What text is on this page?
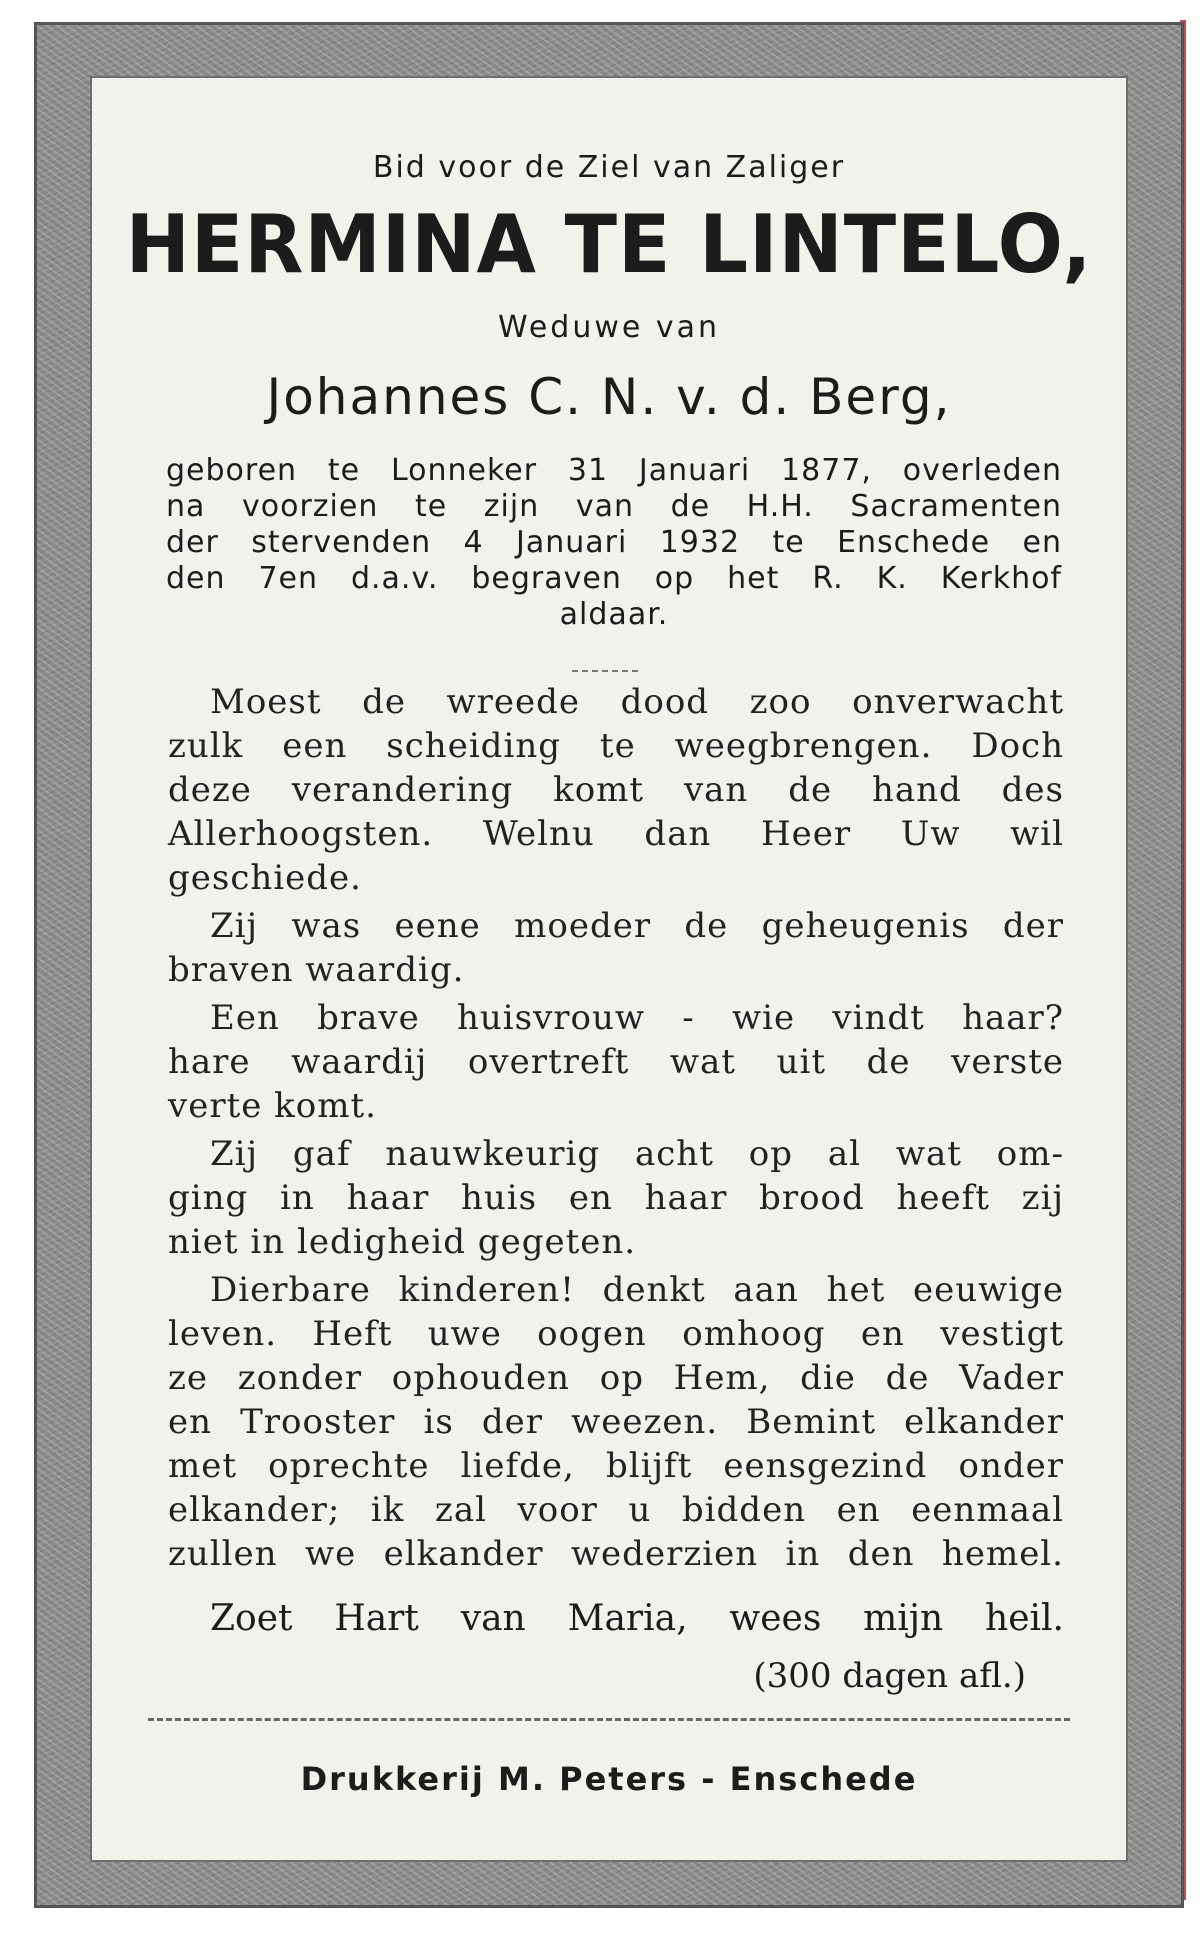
Bid voor de Ziel van Zaliger
HERMINA TE LINTELO,
Weduwe van
Johannes C. N. v. d. Berg,
geboren te Lonneker 31 Januari 1877, overleden
na voorzien te zijn van de H.H. Sacramenten
der stervenden 4 Januari 1932 te Enschede en
den 7en d.a.v. begraven op het R. K. Kerkhof
aldaar.
Moest de wreede dood zoo onverwacht
zulk een scheiding te weegbrengen. Doch
deze verandering komt van de hand des
Allerhoogsten. Welnu dan Heer Uw wil
geschiede.
Zij was eene moeder de geheugenis der
braven waardig.
Een brave huisvrouw - wie vindt haar?
hare waardij overtreft wat uit de verste
verte komt.
Zij gaf nauwkeurig acht op al wat om-
ging in haar huis en haar brood heeft zij
niet in ledigheid gegeten.
Dierbare kinderen! denkt aan het eeuwige
leven. Heft uwe oogen omhoog en vestigt
ze zonder ophouden op Hem, die de Vader
en Trooster is der weezen. Bemint elkander
met oprechte liefde, blijft eensgezind onder
elkander; ik zal voor u bidden en eenmaal
zullen we elkander wederzien in den hemel.
Zoet Hart van Maria, wees mijn heil.
(300 dagen afl.)
Drukkerij M. Peters - Enschede
